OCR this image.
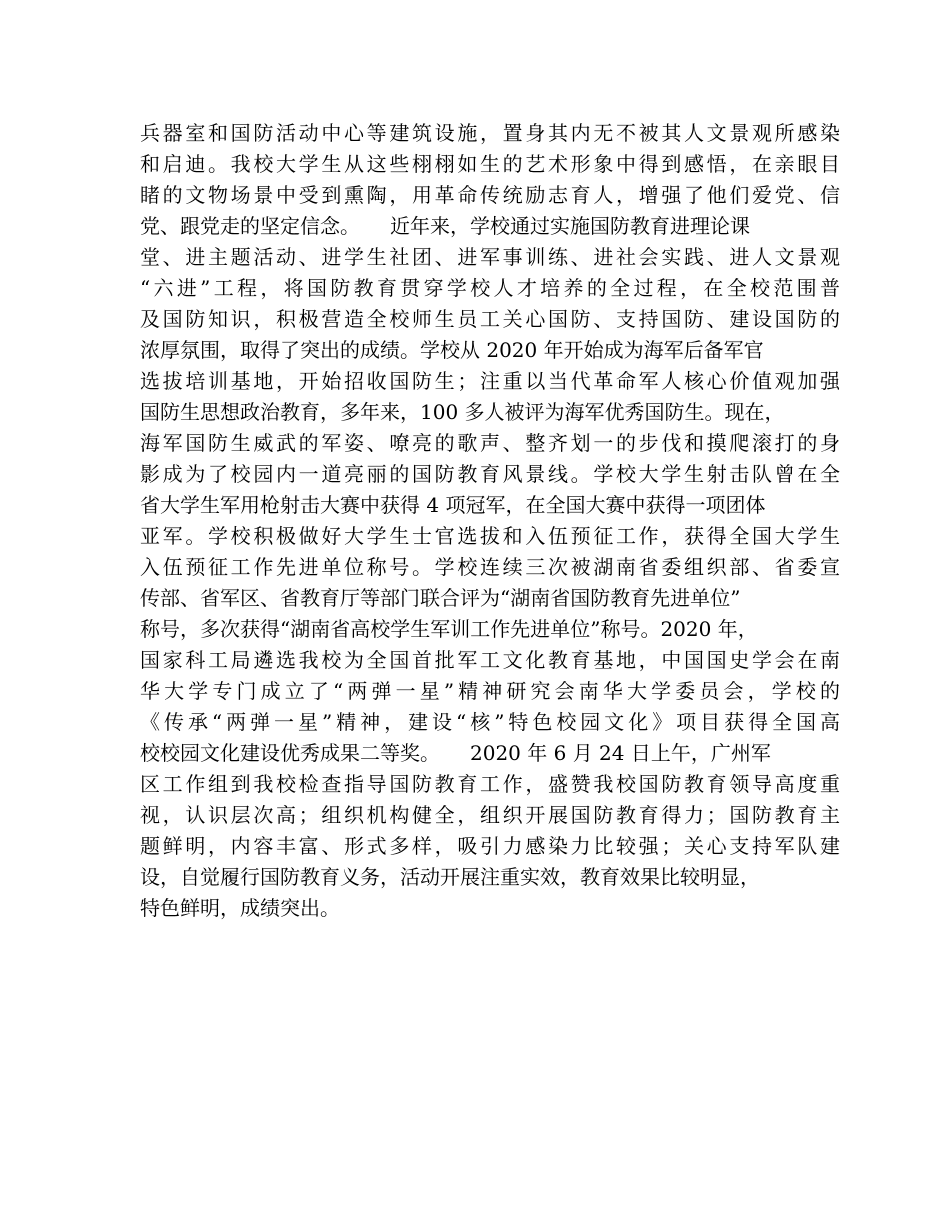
兵器室和国防活动中心等建筑设施，置身其内无不被其人文景观所感染
和启迪。我校大学生从这些栩栩如生的艺术形象中得到感悟，在亲眼目
睹的文物场景中受到熏陶，用革命传统励志育人，增强了他们爱党、信
党、跟党走的坚定信念。　　近年来，学校通过实施国防教育进理论课
堂、进主题活动、进学生社团、进军事训练、进社会实践、进人文景观
“六进”工程，将国防教育贯穿学校人才培养的全过程，在全校范围普
及国防知识，积极营造全校师生员工关心国防、支持国防、建设国防的
浓厚氛围，取得了突出的成绩。学校从 2020 年开始成为海军后备军官
选拔培训基地，开始招收国防生；注重以当代革命军人核心价值观加强
国防生思想政治教育，多年来，100 多人被评为海军优秀国防生。现在，
海军国防生威武的军姿、嘹亮的歌声、整齐划一的步伐和摸爬滚打的身
影成为了校园内一道亮丽的国防教育风景线。学校大学生射击队曾在全
省大学生军用枪射击大赛中获得 4 项冠军，在全国大赛中获得一项团体
亚军。学校积极做好大学生士官选拔和入伍预征工作，获得全国大学生
入伍预征工作先进单位称号。学校连续三次被湖南省委组织部、省委宣
传部、省军区、省教育厅等部门联合评为“湖南省国防教育先进单位”
称号，多次获得“湖南省高校学生军训工作先进单位”称号。2020 年，
国家科工局遴选我校为全国首批军工文化教育基地，中国国史学会在南
华大学专门成立了“两弹一星”精神研究会南华大学委员会，学校的
《传承“两弹一星”精神，建设“核”特色校园文化》项目获得全国高
校校园文化建设优秀成果二等奖。　　2020 年 6 月 24 日上午，广州军
区工作组到我校检查指导国防教育工作，盛赞我校国防教育领导高度重
视，认识层次高；组织机构健全，组织开展国防教育得力；国防教育主
题鲜明，内容丰富、形式多样，吸引力感染力比较强；关心支持军队建
设，自觉履行国防教育义务，活动开展注重实效，教育效果比较明显，
特色鲜明，成绩突出。
